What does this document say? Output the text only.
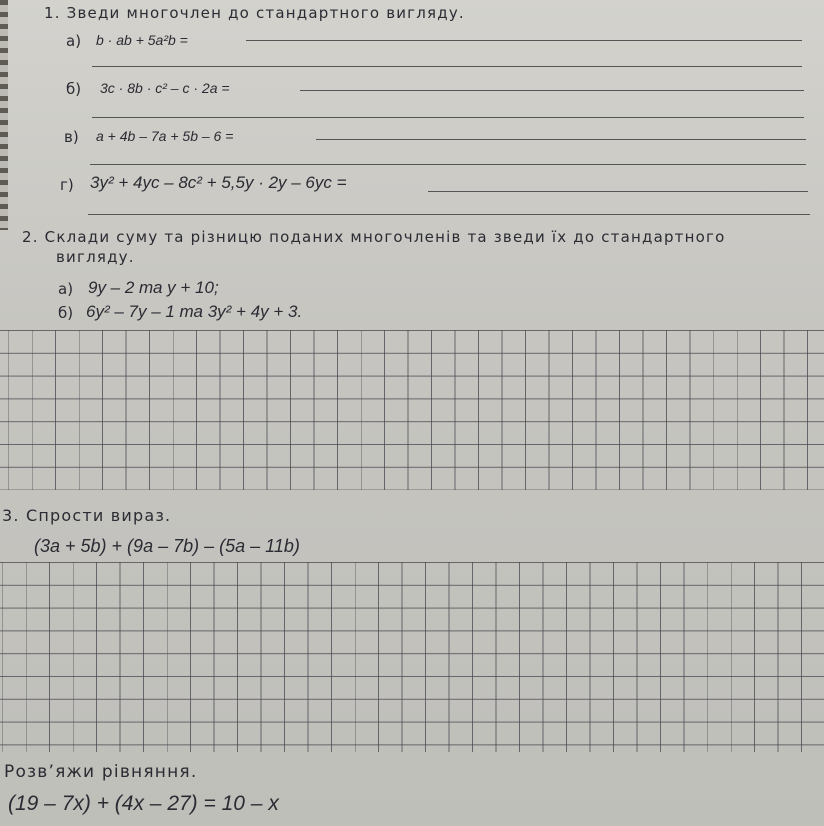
1. Зведи многочлен до стандартного вигляду.
а) b · ab + 5a²b =
б) 3c · 8b · c² – c · 2a =
в) a + 4b – 7a + 5b – 6 =
г) 3y² + 4yc – 8c² + 5,5y · 2y – 6yc =
2. Склади суму та різницю поданих многочленів та зведи їх до стандартного
вигляду.
а) 9y – 2 та y + 10;
б) 6y² – 7y – 1 та 3y² + 4y + 3.
3. Спрости вираз.
(3a + 5b) + (9a – 7b) – (5a – 11b)
Розв’яжи рівняння.
(19 – 7x) + (4x – 27) = 10 – x
